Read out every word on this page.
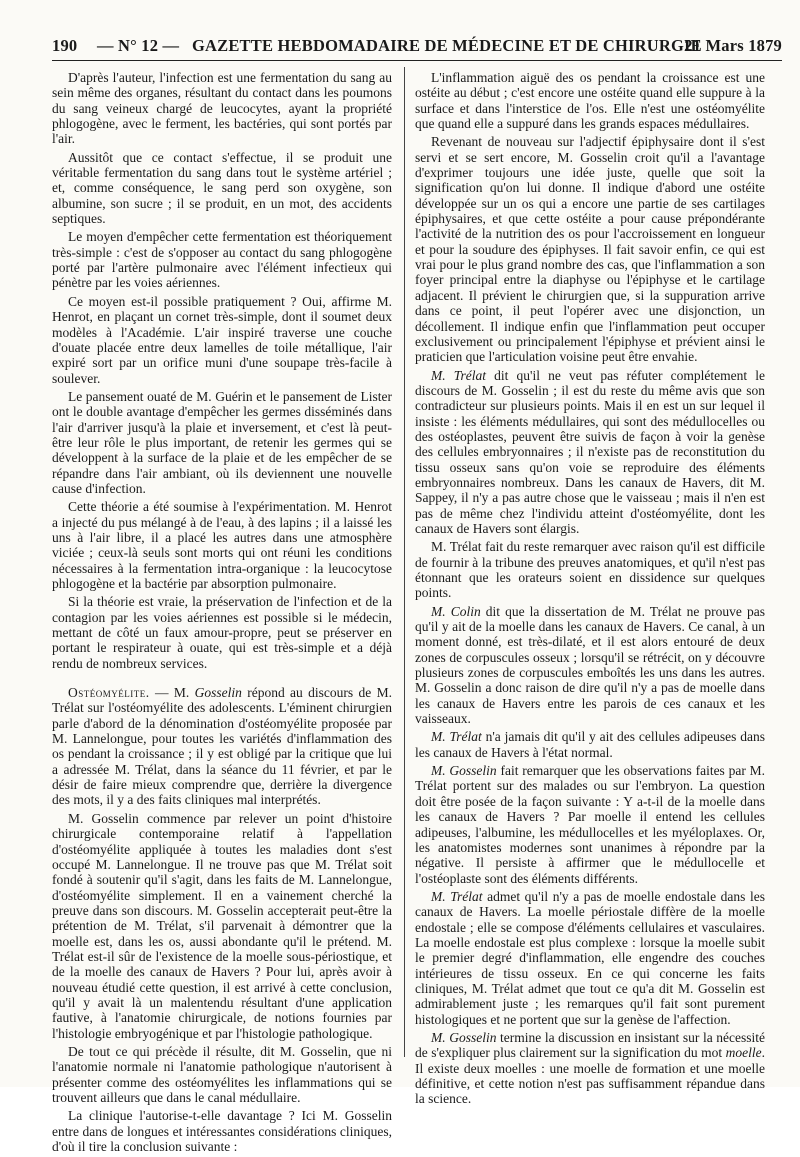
190 — N° 12 — GAZETTE HEBDOMADAIRE DE MÉDECINE ET DE CHIRURGIE
21 Mars 1879

D'après l'auteur, l'infection est une fermentation du sang au sein même des organes, résultant du contact dans les poumons du sang veineux chargé de leucocytes, ayant la propriété phlogogène, avec le ferment, les bactéries, qui sont portés par l'air.

Aussitôt que ce contact s'effectue, il se produit une véritable fermentation du sang dans tout le système artériel ; et, comme conséquence, le sang perd son oxygène, son albumine, son sucre ; il se produit, en un mot, des accidents septiques.

Le moyen d'empêcher cette fermentation est théoriquement très-simple : c'est de s'opposer au contact du sang phlogogène porté par l'artère pulmonaire avec l'élément infectieux qui pénètre par les voies aériennes.

Ce moyen est-il possible pratiquement ? Oui, affirme M. Henrot, en plaçant un cornet très-simple, dont il soumet deux modèles à l'Académie. L'air inspiré traverse une couche d'ouate placée entre deux lamelles de toile métallique, l'air expiré sort par un orifice muni d'une soupape très-facile à soulever.

Le pansement ouaté de M. Guérin et le pansement de Lister ont le double avantage d'empêcher les germes disséminés dans l'air d'arriver jusqu'à la plaie et inversement, et c'est là peut-être leur rôle le plus important, de retenir les germes qui se développent à la surface de la plaie et de les empêcher de se répandre dans l'air ambiant, où ils deviennent une nouvelle cause d'infection.

Cette théorie a été soumise à l'expérimentation. M. Henrot a injecté du pus mélangé à de l'eau, à des lapins ; il a laissé les uns à l'air libre, il a placé les autres dans une atmosphère viciée ; ceux-là seuls sont morts qui ont réuni les conditions nécessaires à la fermentation intra-organique : la leucocytose phlogogène et la bactérie par absorption pulmonaire.

Si la théorie est vraie, la préservation de l'infection et de la contagion par les voies aériennes est possible si le médecin, mettant de côté un faux amour-propre, peut se préserver en portant le respirateur à ouate, qui est très-simple et a déjà rendu de nombreux services.

Ostéomyélite. — M. Gosselin répond au discours de M. Trélat sur l'ostéomyélite des adolescents. L'éminent chirurgien parle d'abord de la dénomination d'ostéomyélite proposée par M. Lannelongue, pour toutes les variétés d'inflammation des os pendant la croissance ; il y est obligé par la critique que lui a adressée M. Trélat, dans la séance du 11 février, et par le désir de faire mieux comprendre que, derrière la divergence des mots, il y a des faits cliniques mal interprétés.

M. Gosselin commence par relever un point d'histoire chirurgicale contemporaine relatif à l'appellation d'ostéomyélite appliquée à toutes les maladies dont s'est occupé M. Lannelongue. Il ne trouve pas que M. Trélat soit fondé à soutenir qu'il s'agit, dans les faits de M. Lannelongue, d'ostéomyélite simplement. Il en a vainement cherché la preuve dans son discours. M. Gosselin accepterait peut-être la prétention de M. Trélat, s'il parvenait à démontrer que la moelle est, dans les os, aussi abondante qu'il le prétend. M. Trélat est-il sûr de l'existence de la moelle sous-périostique, et de la moelle des canaux de Havers ? Pour lui, après avoir à nouveau étudié cette question, il est arrivé à cette conclusion, qu'il y avait là un malentendu résultant d'une application fautive, à l'anatomie chirurgicale, de notions fournies par l'histologie embryogénique et par l'histologie pathologique.

De tout ce qui précède il résulte, dit M. Gosselin, que ni l'anatomie normale ni l'anatomie pathologique n'autorisent à présenter comme des ostéomyélites les inflammations qui se trouvent ailleurs que dans le canal médullaire.

La clinique l'autorise-t-elle davantage ? Ici M. Gosselin entre dans de longues et intéressantes considérations cliniques, d'où il tire la conclusion suivante :

L'inflammation aiguë des os pendant la croissance est une ostéite au début ; c'est encore une ostéite quand elle suppure à la surface et dans l'interstice de l'os. Elle n'est une ostéomyélite que quand elle a suppuré dans les grands espaces médullaires.

Revenant de nouveau sur l'adjectif épiphysaire dont il s'est servi et se sert encore, M. Gosselin croit qu'il a l'avantage d'exprimer toujours une idée juste, quelle que soit la signification qu'on lui donne. Il indique d'abord une ostéite développée sur un os qui a encore une partie de ses cartilages épiphysaires, et que cette ostéite a pour cause prépondérante l'activité de la nutrition des os pour l'accroissement en longueur et pour la soudure des épiphyses. Il fait savoir enfin, ce qui est vrai pour le plus grand nombre des cas, que l'inflammation a son foyer principal entre la diaphyse ou l'épiphyse et le cartilage adjacent. Il prévient le chirurgien que, si la suppuration arrive dans ce point, il peut l'opérer avec une disjonction, un décollement. Il indique enfin que l'inflammation peut occuper exclusivement ou principalement l'épiphyse et prévient ainsi le praticien que l'articulation voisine peut être envahie.

M. Trélat dit qu'il ne veut pas réfuter complétement le discours de M. Gosselin ; il est du reste du même avis que son contradicteur sur plusieurs points. Mais il en est un sur lequel il insiste : les éléments médullaires, qui sont des médullocelles ou des ostéoplastes, peuvent être suivis de façon à voir la genèse des cellules embryonnaires ; il n'existe pas de reconstitution du tissu osseux sans qu'on voie se reproduire des éléments embryonnaires nombreux. Dans les canaux de Havers, dit M. Sappey, il n'y a pas autre chose que le vaisseau ; mais il n'en est pas de même chez l'individu atteint d'ostéomyélite, dont les canaux de Havers sont élargis.

M. Trélat fait du reste remarquer avec raison qu'il est difficile de fournir à la tribune des preuves anatomiques, et qu'il n'est pas étonnant que les orateurs soient en dissidence sur quelques points.

M. Colin dit que la dissertation de M. Trélat ne prouve pas qu'il y ait de la moelle dans les canaux de Havers. Ce canal, à un moment donné, est très-dilaté, et il est alors entouré de deux zones de corpuscules osseux ; lorsqu'il se rétrécit, on y découvre plusieurs zones de corpuscules emboîtés les uns dans les autres. M. Gosselin a donc raison de dire qu'il n'y a pas de moelle dans les canaux de Havers entre les parois de ces canaux et les vaisseaux.

M. Trélat n'a jamais dit qu'il y ait des cellules adipeuses dans les canaux de Havers à l'état normal.

M. Gosselin fait remarquer que les observations faites par M. Trélat portent sur des malades ou sur l'embryon. La question doit être posée de la façon suivante : Y a-t-il de la moelle dans les canaux de Havers ? Par moelle il entend les cellules adipeuses, l'albumine, les médullocelles et les myéloplaxes. Or, les anatomistes modernes sont unanimes à répondre par la négative. Il persiste à affirmer que le médullocelle et l'ostéoplaste sont des éléments différents.

M. Trélat admet qu'il n'y a pas de moelle endostale dans les canaux de Havers. La moelle périostale diffère de la moelle endostale ; elle se compose d'éléments cellulaires et vasculaires. La moelle endostale est plus complexe : lorsque la moelle subit le premier degré d'inflammation, elle engendre des couches intérieures de tissu osseux. En ce qui concerne les faits cliniques, M. Trélat admet que tout ce qu'a dit M. Gosselin est admirablement juste ; les remarques qu'il fait sont purement histologiques et ne portent que sur la genèse de l'affection.

M. Gosselin termine la discussion en insistant sur la nécessité de s'expliquer plus clairement sur la signification du mot moelle. Il existe deux moelles : une moelle de formation et une moelle définitive, et cette notion n'est pas suffisamment répandue dans la science.
